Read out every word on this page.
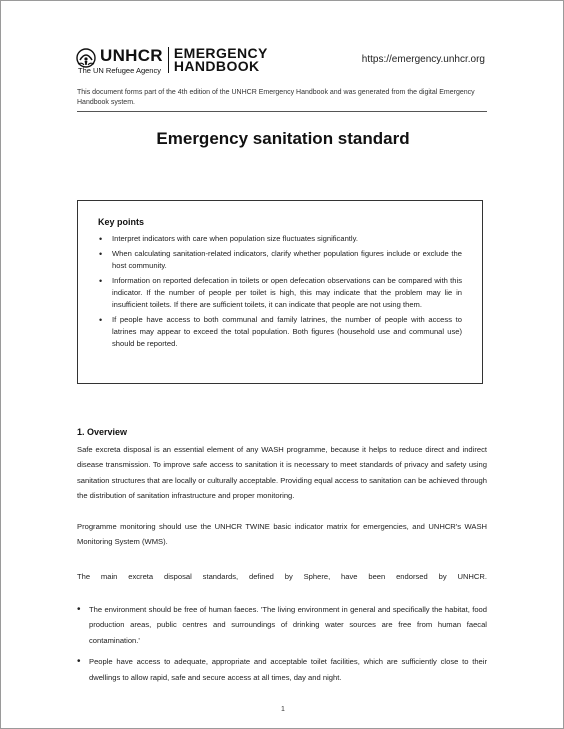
UNHCR
The UN Refugee Agency
EMERGENCY
HANDBOOK	https://emergency.unhcr.org
This document forms part of the 4th edition of the UNHCR Emergency Handbook and was generated from the digital Emergency Handbook system.
Emergency sanitation standard
Key points
• Interpret indicators with care when population size fluctuates significantly.
• When calculating sanitation-related indicators, clarify whether population figures include or exclude the host community.
• Information on reported defecation in toilets or open defecation observations can be compared with this indicator. If the number of people per toilet is high, this may indicate that the problem may lie in insufficient toilets. If there are sufficient toilets, it can indicate that people are not using them.
• If people have access to both communal and family latrines, the number of people with access to latrines may appear to exceed the total population. Both figures (household use and communal use) should be reported.
1. Overview
Safe excreta disposal is an essential element of any WASH programme, because it helps to reduce direct and indirect disease transmission. To improve safe access to sanitation it is necessary to meet standards of privacy and safety using sanitation structures that are locally or culturally acceptable. Providing equal access to sanitation can be achieved through the distribution of sanitation infrastructure and proper monitoring.
Programme monitoring should use the UNHCR TWINE basic indicator matrix for emergencies, and UNHCR's WASH Monitoring System (WMS).
The main excreta disposal standards, defined by Sphere, have been endorsed by UNHCR.
• The environment should be free of human faeces. 'The living environment in general and specifically the habitat, food production areas, public centres and surroundings of drinking water sources are free from human faecal contamination.'
• People have access to adequate, appropriate and acceptable toilet facilities, which are sufficiently close to their dwellings to allow rapid, safe and secure access at all times, day and night.
1
